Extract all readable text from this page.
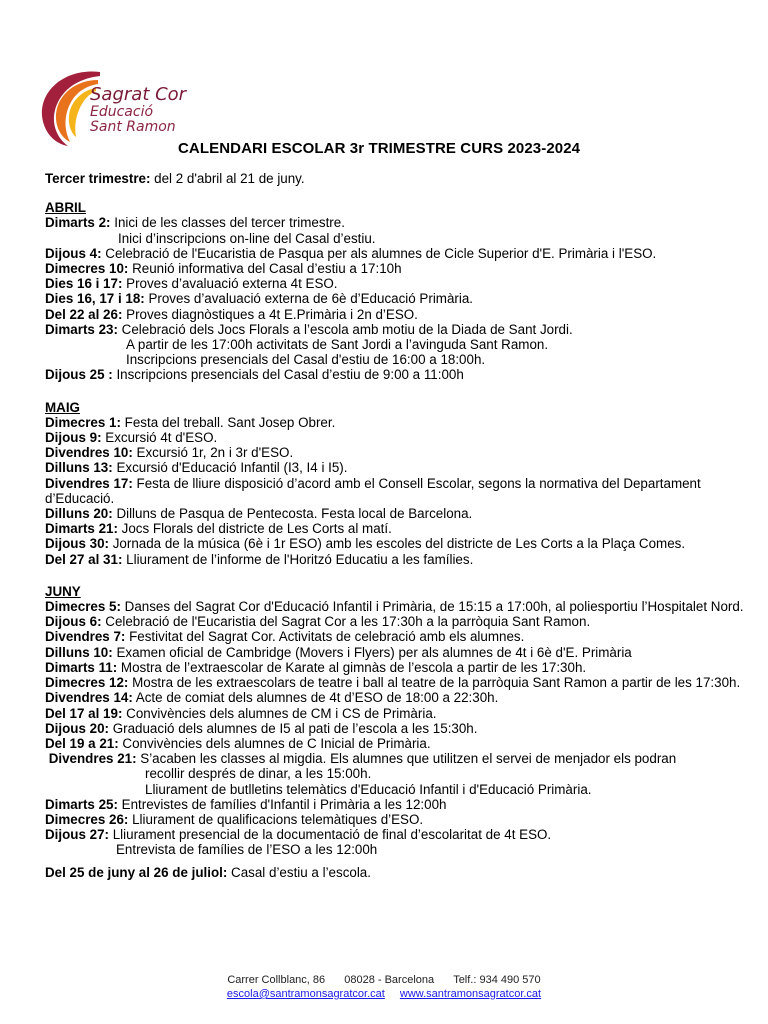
Sagrat Cor
Educació
Sant Ramon
CALENDARI ESCOLAR 3r TRIMESTRE CURS 2023-2024

Tercer trimestre: del 2 d'abril al 21 de juny.

ABRIL

Dimarts 2: Inici de les classes del tercer trimestre.

Inici d’inscripcions on-line del Casal d’estiu.

Dijous 4: Celebració de l'Eucaristia de Pasqua per als alumnes de Cicle Superior d'E. Primària i l'ESO.

Dimecres 10: Reunió informativa del Casal d’estiu a 17:10h

Dies 16 i 17: Proves d’avaluació externa 4t ESO.

Dies 16, 17 i 18: Proves d’avaluació externa de 6è d’Educació Primària.

Del 22 al 26: Proves diagnòstiques a 4t E.Primària i 2n d’ESO.

Dimarts 23: Celebració dels Jocs Florals a l’escola amb motiu de la Diada de Sant Jordi.

A partir de les 17:00h activitats de Sant Jordi a l’avinguda Sant Ramon.

Inscripcions presencials del Casal d'estiu de 16:00 a 18:00h.

Dijous 25 : Inscripcions presencials del Casal d’estiu de 9:00 a 11:00h

MAIG

Dimecres 1: Festa del treball. Sant Josep Obrer.

Dijous 9: Excursió 4t d'ESO.

Divendres 10: Excursió 1r, 2n i 3r d'ESO.

Dilluns 13: Excursió d'Educació Infantil (I3, I4 i I5).

Divendres 17: Festa de lliure disposició d’acord amb el Consell Escolar, segons la normativa del Departament d’Educació.

Dilluns 20: Dilluns de Pasqua de Pentecosta. Festa local de Barcelona.

Dimarts 21: Jocs Florals del districte de Les Corts al matí.

Dijous 30: Jornada de la música (6è i 1r ESO) amb les escoles del districte de Les Corts a la Plaça Comes.

Del 27 al 31: Lliurament de l’informe de l'Horitzó Educatiu a les famílies.

JUNY

Dimecres 5: Danses del Sagrat Cor d'Educació Infantil i Primària, de 15:15 a 17:00h, al poliesportiu l’Hospitalet Nord.

Dijous 6: Celebració de l'Eucaristia del Sagrat Cor a les 17:30h a la parròquia Sant Ramon.

Divendres 7: Festivitat del Sagrat Cor. Activitats de celebració amb els alumnes.

Dilluns 10: Examen oficial de Cambridge (Movers i Flyers) per als alumnes de 4t i 6è d'E. Primària

Dimarts 11: Mostra de l’extraescolar de Karate al gimnàs de l’escola a partir de les 17:30h.

Dimecres 12: Mostra de les extraescolars de teatre i ball al teatre de la parròquia Sant Ramon a partir de les 17:30h.

Divendres 14: Acte de comiat dels alumnes de 4t d’ESO de 18:00 a 22:30h.

Del 17 al 19: Convivències dels alumnes de CM i CS de Primària.

Dijous 20: Graduació dels alumnes de I5 al pati de l’escola a les 15:30h.

Del 19 a 21: Convivències dels alumnes de C Inicial de Primària.

Divendres 21: S’acaben les classes al migdia. Els alumnes que utilitzen el servei de menjador els podran

recollir després de dinar, a les 15:00h.

Lliurament de butlletins telemàtics d'Educació Infantil i d'Educació Primària.

Dimarts 25: Entrevistes de famílies d'Infantil i Primària a les 12:00h

Dimecres 26: Lliurament de qualificacions telemàtiques d’ESO.

Dijous 27: Lliurament presencial de la documentació de final d’escolaritat de 4t ESO.

Entrevista de famílies de l’ESO a les 12:00h

Del 25 de juny al 26 de juliol: Casal d’estiu a l’escola.

Carrer Collblanc, 86 08028 - Barcelona Telf.: 934 490 570
escola@santramonsagratcor.cat www.santramonsagratcor.cat
